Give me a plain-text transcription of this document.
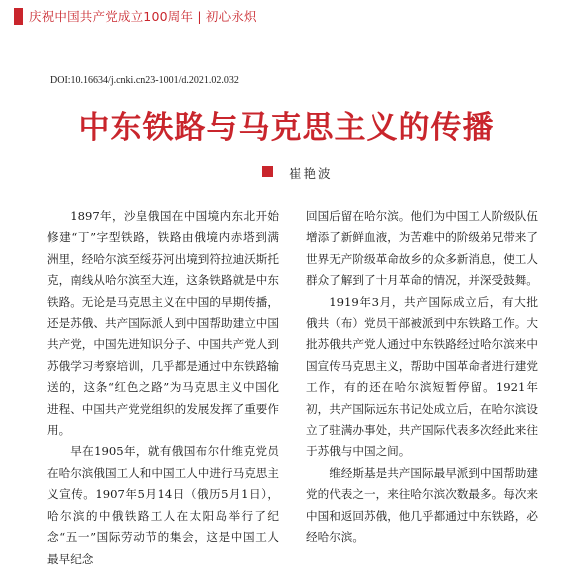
庆祝中国共产党成立100周年 | 初心永炽
DOI:10.16634/j.cnki.cn23-1001/d.2021.02.032
中东铁路与马克思主义的传播
崔艳波

1897年，沙皇俄国在中国境内东北开始修建“丁”字型铁路，铁路由俄境内赤塔到满洲里，经哈尔滨至绥芬河出境到符拉迪沃斯托克，南线从哈尔滨至大连，这条铁路就是中东铁路。无论是马克思主义在中国的早期传播，还是苏俄、共产国际派人到中国帮助建立中国共产党，中国先进知识分子、中国共产党人到苏俄学习考察培训，几乎都是通过中东铁路输送的，这条“红色之路”为马克思主义中国化进程、中国共产党党组织的发展发挥了重要作用。

早在1905年，就有俄国布尔什维克党员在哈尔滨俄国工人和中国工人中进行马克思主义宣传。1907年5月14日（俄历5月1日），哈尔滨的中俄铁路工人在太阳岛举行了纪念“五一”国际劳动节的集会，这是中国工人最早纪念

回国后留在哈尔滨。他们为中国工人阶级队伍增添了新鲜血液，为苦难中的阶级弟兄带来了世界无产阶级革命故乡的众多新消息，使工人群众了解到了十月革命的情况，并深受鼓舞。

1919年3月，共产国际成立后，有大批俄共（布）党员干部被派到中东铁路工作。大批苏俄共产党人通过中东铁路经过哈尔滨来中国宣传马克思主义，帮助中国革命者进行建党工作，有的还在哈尔滨短暂停留。1921年初，共产国际远东书记处成立后，在哈尔滨设立了驻满办事处，共产国际代表多次经此来往于苏俄与中国之间。

维经斯基是共产国际最早派到中国帮助建党的代表之一，来往哈尔滨次数最多。每次来中国和返回苏俄，他几乎都通过中东铁路，必经哈尔滨。
